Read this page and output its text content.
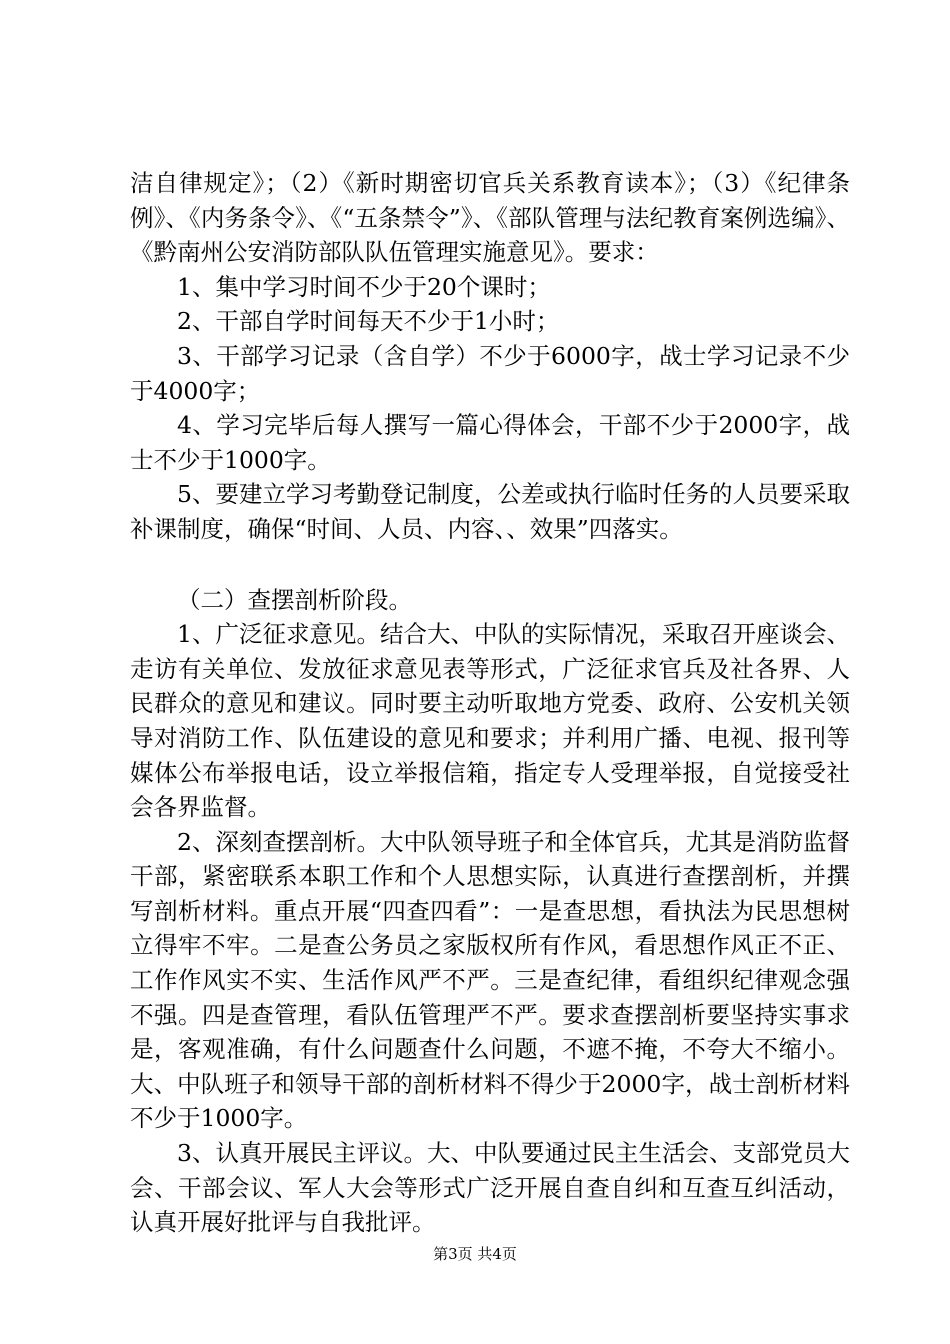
洁自律规定》；（2）《新时期密切官兵关系教育读本》；（3）《纪律条例》、《内务条令》、《“五条禁令”》、《部队管理与法纪教育案例选编》、《黔南州公安消防部队队伍管理实施意见》。要求：

1、集中学习时间不少于20个课时；

2、干部自学时间每天不少于1小时；

3、干部学习记录（含自学）不少于6000字，战士学习记录不少于4000字；

4、学习完毕后每人撰写一篇心得体会，干部不少于2000字，战士不少于1000字。

5、要建立学习考勤登记制度，公差或执行临时任务的人员要采取补课制度，确保“时间、人员、内容、、效果”四落实。

（二）查摆剖析阶段。

1、广泛征求意见。结合大、中队的实际情况，采取召开座谈会、走访有关单位、发放征求意见表等形式，广泛征求官兵及社各界、人民群众的意见和建议。同时要主动听取地方党委、政府、公安机关领导对消防工作、队伍建设的意见和要求；并利用广播、电视、报刊等媒体公布举报电话，设立举报信箱，指定专人受理举报，自觉接受社会各界监督。

2、深刻查摆剖析。大中队领导班子和全体官兵，尤其是消防监督干部，紧密联系本职工作和个人思想实际，认真进行查摆剖析，并撰写剖析材料。重点开展“四查四看”：一是查思想，看执法为民思想树立得牢不牢。二是查公务员之家版权所有作风，看思想作风正不正、工作作风实不实、生活作风严不严。三是查纪律，看组织纪律观念强不强。四是查管理，看队伍管理严不严。要求查摆剖析要坚持实事求是，客观准确，有什么问题查什么问题，不遮不掩，不夸大不缩小。大、中队班子和领导干部的剖析材料不得少于2000字，战士剖析材料不少于1000字。

3、认真开展民主评议。大、中队要通过民主生活会、支部党员大会、干部会议、军人大会等形式广泛开展自查自纠和互查互纠活动，认真开展好批评与自我批评。

第3页 共4页
